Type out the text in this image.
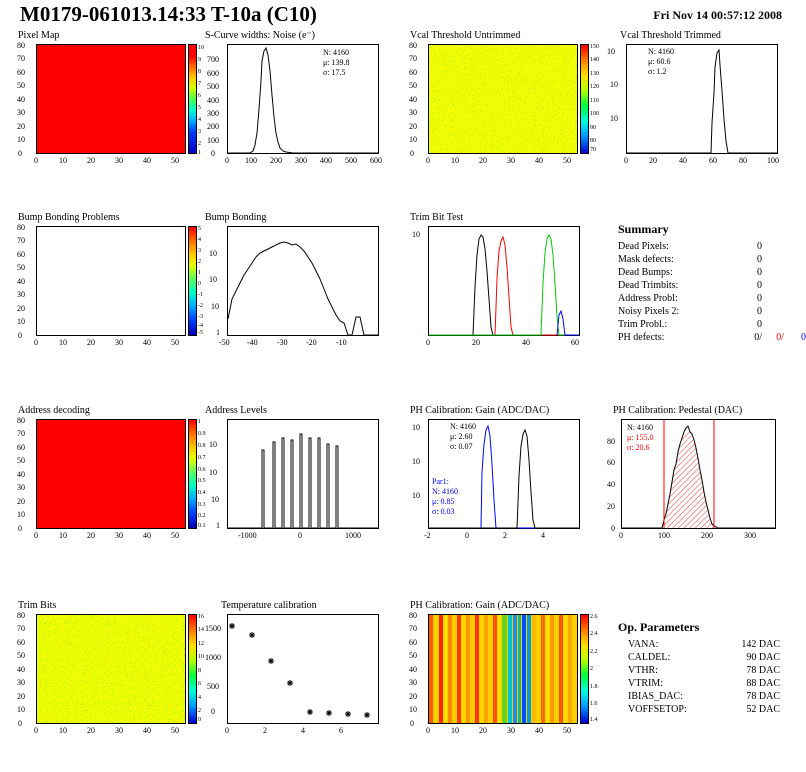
M0179-061013.14:33 T-10a (C10)	Fri Nov 14 00:57:12 2008
Pixel Map
10
9
8
7
6
5
4
3
2
1
0
10
20
30
40
50
60
70
80
0	10	20	30	40	50
S-Curve widths: Noise (e⁻)
N: 4160
μ: 139.8
σ: 17.5
0
100
200
300
400
500
600
700
0 100 200 300 400 500 600
Vcal Threshold Untrimmed
150
140
130
120
110
100
90
80
70
0
10
20
30
40
50
60
70
80
0	10	20	30	40	50
Vcal Threshold Trimmed
N: 4160
μ: 60.6
σ: 1.2
10
10
10
0	20	40	60	80	100
Bump Bonding Problems
5
4
3
2
1
0
-1
-2
-3
-4
-5
0
10
20
30
40
50
60
70
80
0	10	20	30	40	50
Bump Bonding
1
10
10
10
-50 -40 -30 -20 -10
Trim Bit Test
10
0	20	40	60
Summary
Dead Pixels:	0
Mask defects:	0
Dead Bumps:	0
Dead Trimbits:	0
Address Probl:	0
Noisy Pixels 2:	0
Trim Probl.:	0
PH defects:	0/	0/	0
Address decoding
1
0.9
0.8
0.7
0.6
0.5
0.4
0.3
0.2
0.1
0
10
20
30
40
50
60
70
80
0	10	20	30	40	50
Address Levels
1
10
10
10
-1000	0	1000
PH Calibration: Gain (ADC/DAC)
N: 4160
μ: 2.60
σ: 0.07
Par1:
N: 4160
μ: 0.85
σ: 0.03
10
10
10
-2	0	2	4
PH Calibration: Pedestal (DAC)
N: 4160
μ: 155.0
σ: 20.6
0
20
40
60
80
0	100	200	300
Trim Bits
16
14
12
10
8
6
4
2
0
0
10
20
30
40
50
60
70
80
0	10	20	30	40	50
Temperature calibration
0
500
1000
1500
0	2	4	6
PH Calibration: Gain (ADC/DAC)
2.6
2.4
2.2
2
1.8
1.6
1.4
0
10
20
30
40
50
60
70
80
0	10	20	30	40	50
Op. Parameters
VANA:	142 DAC
CALDEL:	90 DAC
VTHR:	78 DAC
VTRIM:	88 DAC
IBIAS_DAC:	78 DAC
VOFFSETOP:	52 DAC
